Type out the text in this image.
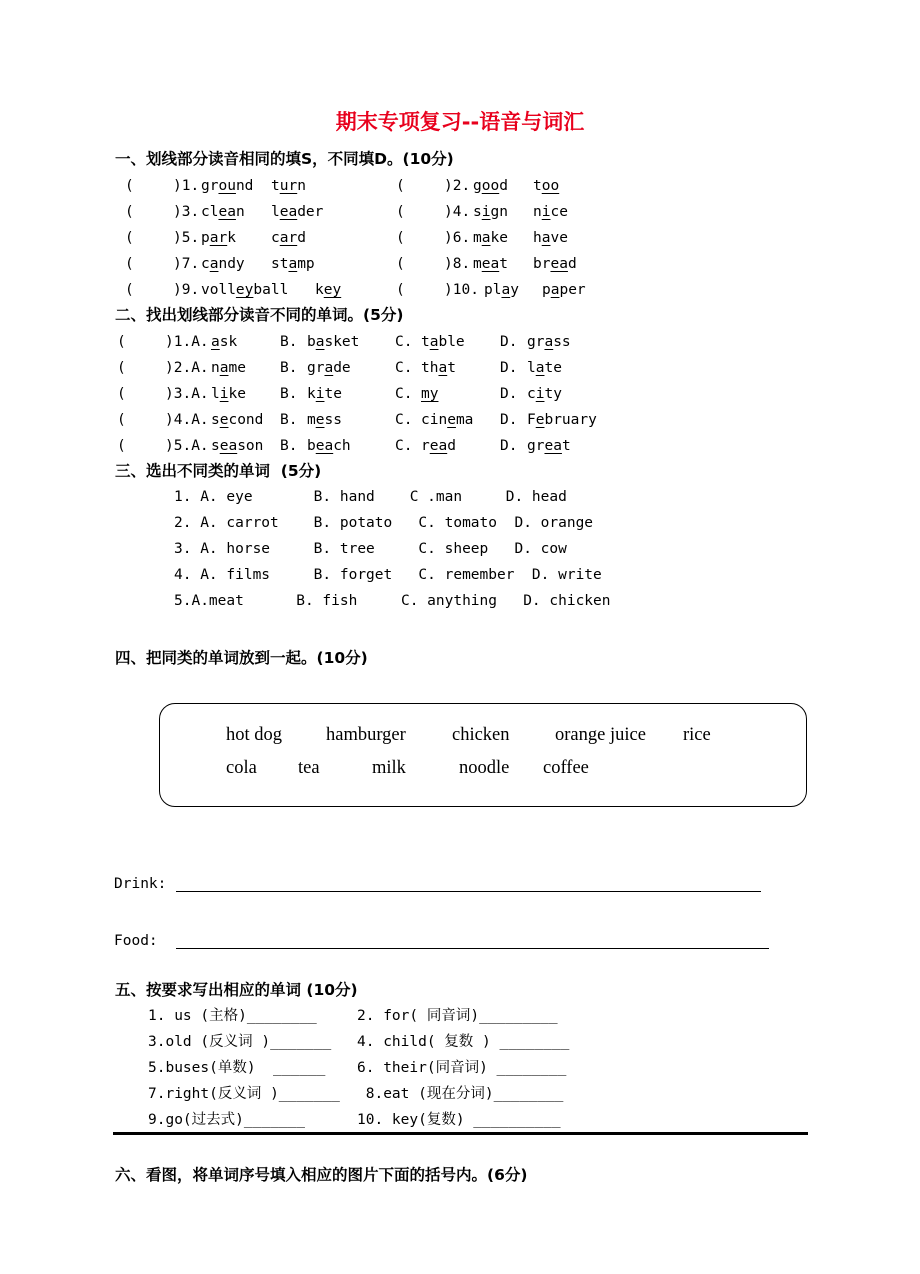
期末专项复习--语音与词汇
一、划线部分读音相同的填S，不同填D。(10分)
(	)1. ground turn	(	)2. good too
(	)3. clean leader	(	)4. sign nice
(	)5. park card	(	)6. make have
(	)7. candy stamp	(	)8. meat bread
(	)9. volleyball key	(	)10. play paper
二、找出划线部分读音不同的单词。(5分)
(	)1.A. ask	B. basket C. table D. grass
(	)2.A. name B. grade	C. that	D. late
(	)3.A. like B. kite	C. my	D. city
(	)4.A. second B. mess	C. cinema D. February
(	)5.A. season B. beach	C. read	D. great
三、选出不同类的单词  (5分)
1. A. eye       B. hand    C .man     D. head
2. A. carrot    B. potato   C. tomato  D. orange
3. A. horse     B. tree     C. sheep   D. cow
4. A. films     B. forget   C. remember  D. write
5.A.meat      B. fish     C. anything   D. chicken
四、把同类的单词放到一起。(10分)
hot dog hamburger chicken orange juice rice
cola tea	milk	noodle coffee
Drink:
Food:
五、按要求写出相应的单词 (10分)
1. us (主格)________	2. for( 同音词)_________
3.old (反义词 )_______ 4. child( 复数 ) ________
5.buses(单数)  ______ 6. their(同音词) ________
7.right(反义词 )_______ 8.eat (现在分词)________
9.go(过去式)_______	10. key(复数) __________
六、看图，将单词序号填入相应的图片下面的括号内。(6分)
